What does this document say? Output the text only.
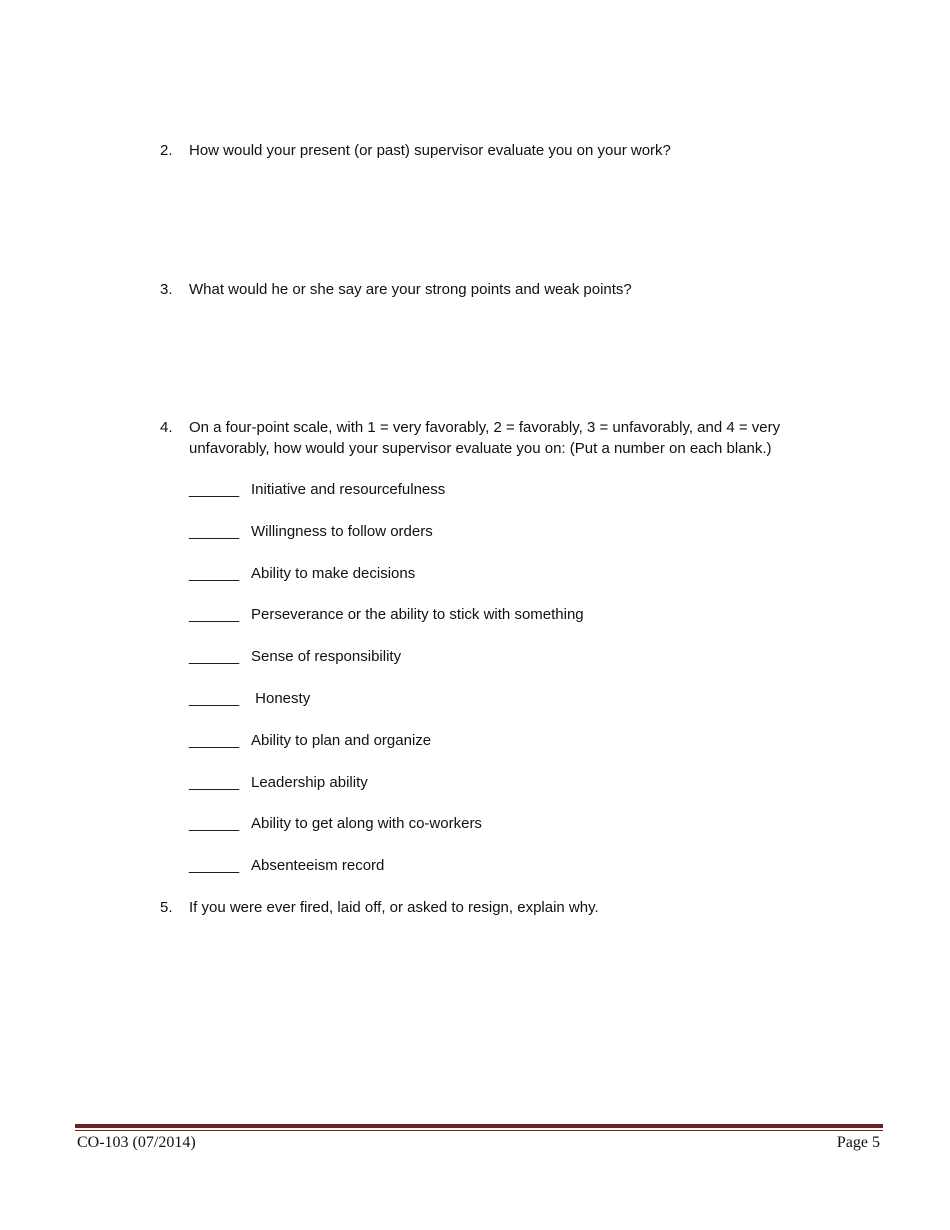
2. How would your present (or past) supervisor evaluate you on your work?
3. What would he or she say are your strong points and weak points?
4. On a four-point scale, with 1 = very favorably, 2 = favorably, 3 = unfavorably, and 4 = very unfavorably, how would your supervisor evaluate you on: (Put a number on each blank.)
______ Initiative and resourcefulness
______ Willingness to follow orders
______ Ability to make decisions
______ Perseverance or the ability to stick with something
______ Sense of responsibility
______ Honesty
______ Ability to plan and organize
______ Leadership ability
______ Ability to get along with co-workers
______ Absenteeism record
5. If you were ever fired, laid off, or asked to resign, explain why.
CO-103 (07/2014)	Page 5
